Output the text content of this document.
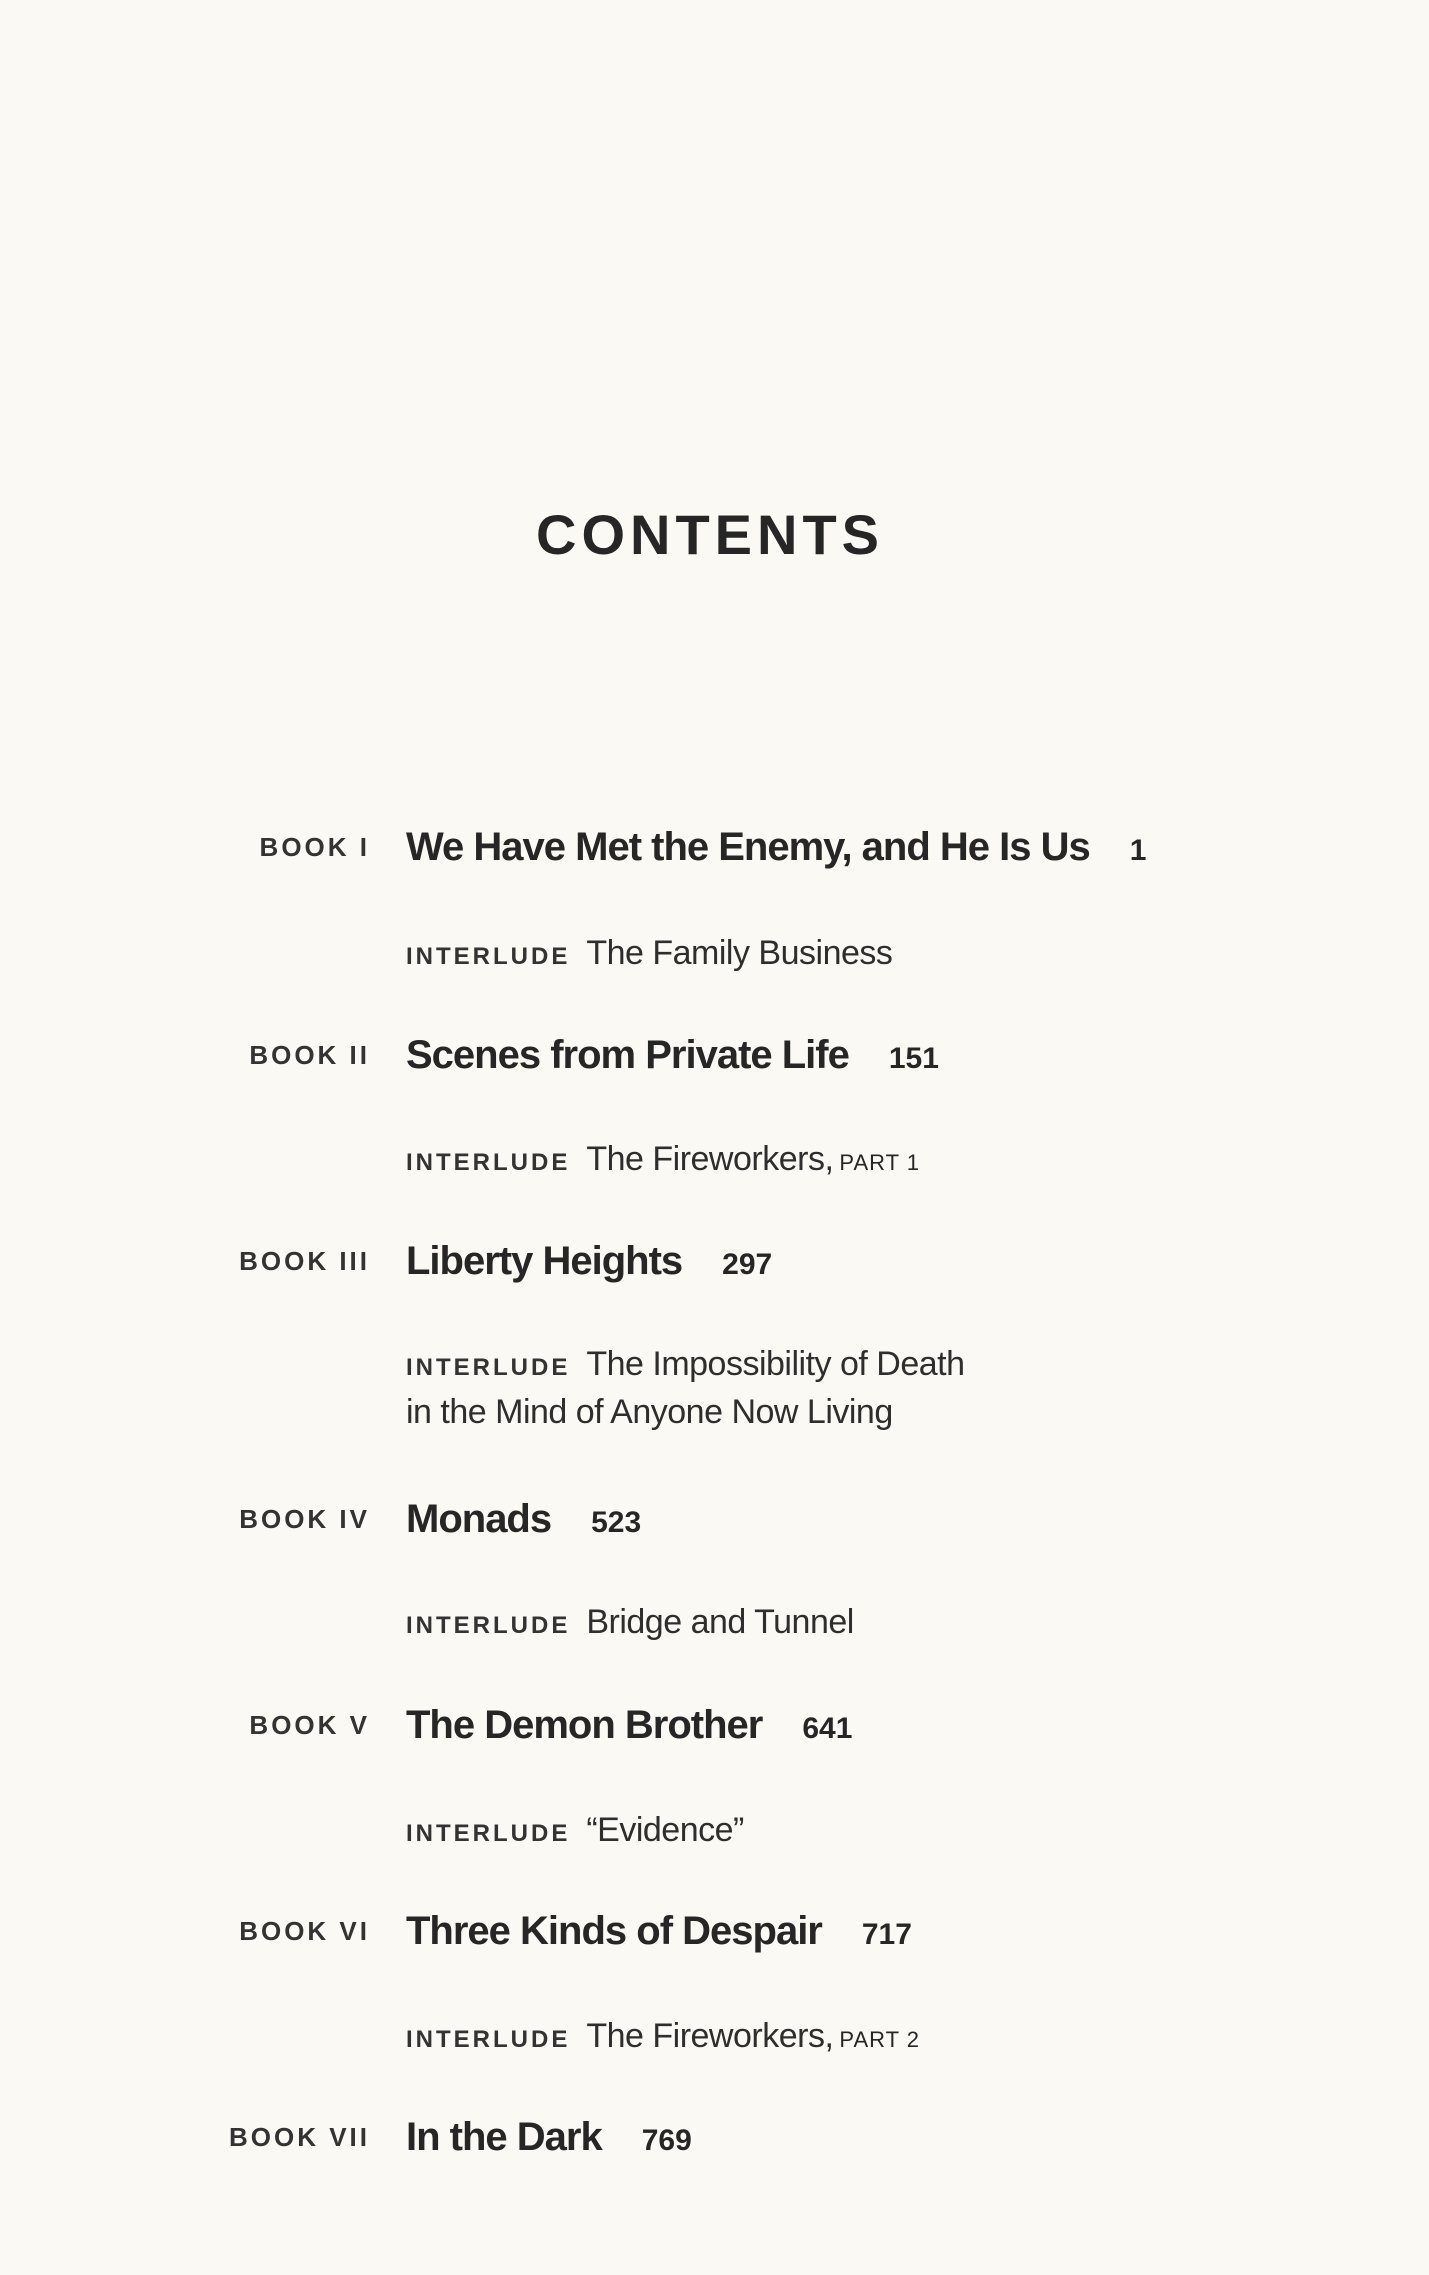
CONTENTS
BOOK I We Have Met the Enemy, and He Is Us 1
INTERLUDE The Family Business
BOOK II Scenes from Private Life 151
INTERLUDE The Fireworkers, PART 1
BOOK III Liberty Heights 297
INTERLUDE The Impossibility of Death
in the Mind of Anyone Now Living
BOOK IV Monads 523
INTERLUDE Bridge and Tunnel
BOOK V The Demon Brother 641
INTERLUDE “Evidence”
BOOK VI Three Kinds of Despair 717
INTERLUDE The Fireworkers, PART 2
BOOK VII In the Dark 769
